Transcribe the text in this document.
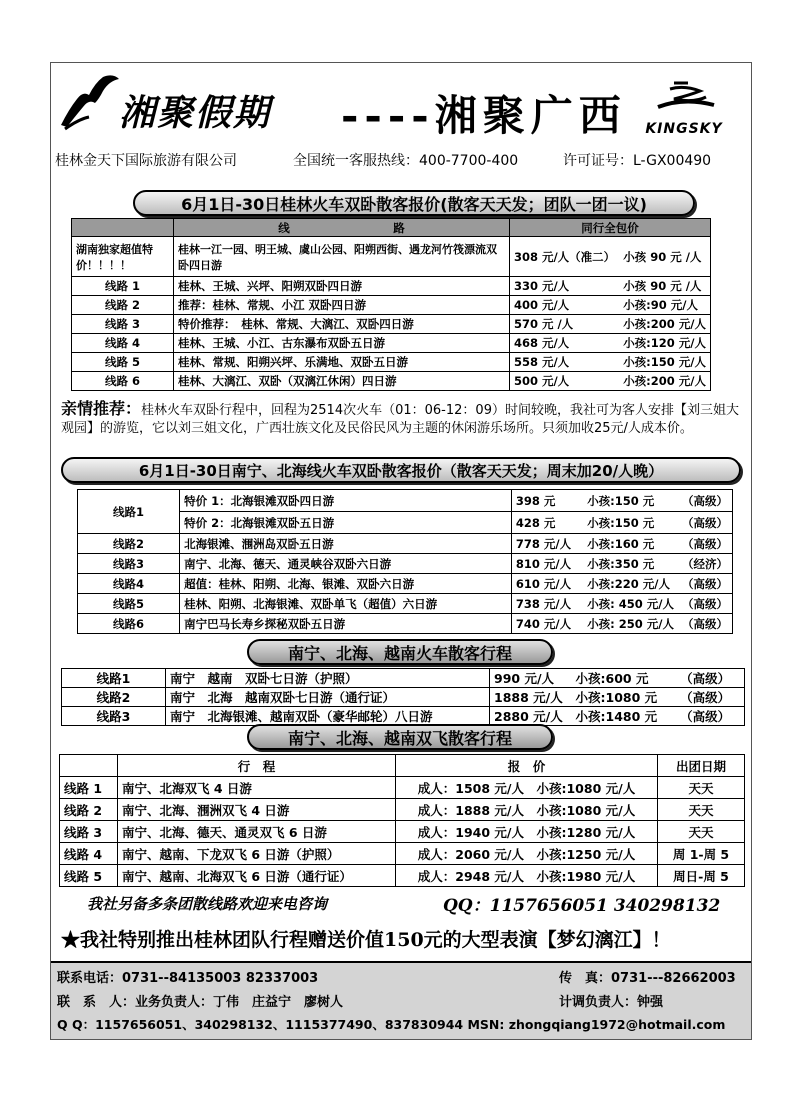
湘聚假期 ----湘聚广西	KINGSKY
桂林金天下国际旅游有限公司	全国统一客服热线：400-7700-400	许可证号：L-GX00490
6月1日-30日桂林火车双卧散客报价(散客天天发；团队一团一议)
	线　　　　　　　　　路	同行全包价	
湖南独家超值特 价！！！！	桂林一江一园、明王城、虞山公园、阳朔西街、遇龙河竹筏漂流双卧四日游	308 元/人（准二）	小孩 90 元 /人
线路 1	桂林、王城、兴坪、阳朔双卧四日游	330 元/人	小孩 90 元 /人
线路 2	推荐：桂林、常规、小江 双卧四日游	400 元/人	小孩:90 元/人
线路 3	特价推荐：　桂林、常规、大漓江、双卧四日游	570 元 /人	小孩:200 元/人
线路 4	桂林、王城、小江、古东瀑布双卧五日游	468 元/人	小孩:120 元/人
线路 5	桂林、常规、阳朔兴坪、乐满地、双卧五日游	558 元/人	小孩:150 元/人
线路 6	桂林、大漓江、双卧（双漓江休闲）四日游	500 元/人	小孩:200 元/人
亲情推荐：桂林火车双卧行程中，回程为2514次火车（01：06-12：09）时间较晚，我社可为客人安排【刘三姐大观园】的游览，它以刘三姐文化，广西壮族文化及民俗民风为主题的休闲游乐场所。只须加收25元/人成本价。
6月1日-30日南宁、北海线火车双卧散客报价（散客天天发；周末加20/人晚）
线路1	特价 1：北海银滩双卧四日游	398 元	小孩:150 元	（高级）
	特价 2：北海银滩双卧五日游	428 元	小孩:150 元	（高级）
线路2	北海银滩、涠洲岛双卧五日游	778 元/人	小孩:160 元	（高级）
线路3	南宁、北海、德天、通灵峡谷双卧六日游	810 元/人	小孩:350 元	（经济）
线路4	超值：桂林、阳朔、北海、银滩、双卧六日游	610 元/人	小孩:220 元/人	（高级）
线路5	桂林、阳朔、北海银滩、双卧单飞（超值）六日游	738 元/人	小孩: 450 元/人	（高级）
线路6	南宁巴马长寿乡探秘双卧五日游	740 元/人	小孩: 250 元/人	（高级）
南宁、北海、越南火车散客行程
线路1	南宁　越南　双卧七日游（护照）	990 元/人	小孩:600 元	（高级）
线路2	南宁　北海　越南双卧七日游（通行证）	1888 元/人	小孩:1080 元	（高级）
线路3	南宁　北海银滩、越南双卧（豪华邮轮）八日游	2880 元/人	小孩:1480 元	（高级）
南宁、北海、越南双飞散客行程
	行　程	报　价	出团日期
线路 1	南宁、北海双飞 4 日游	成人：1508 元/人　小孩:1080 元/人	天天
线路 2	南宁、北海、涠洲双飞 4 日游	成人：1888 元/人　小孩:1080 元/人	天天
线路 3	南宁、北海、德天、通灵双飞 6 日游	成人：1940 元/人　小孩:1280 元/人	天天
线路 4	南宁、越南、下龙双飞 6 日游（护照）	成人：2060 元/人　小孩:1250 元/人	周 1-周 5
线路 5	南宁、越南、北海双飞 6 日游（通行证）	成人：2948 元/人　小孩:1980 元/人	周日-周 5
我社另备多条团散线路欢迎来电咨询	QQ：1157656051 340298132
★我社特别推出桂林团队行程赠送价值150元的大型表演【梦幻漓江】！
联系电话：0731--84135003 82337003	传　真：0731---82662003
联　系　人：业务负责人：丁伟　庄益宁　廖树人	计调负责人：钟强
Q Q：1157656051、340298132、1115377490、837830944 MSN: zhongqiang1972@hotmail.com
